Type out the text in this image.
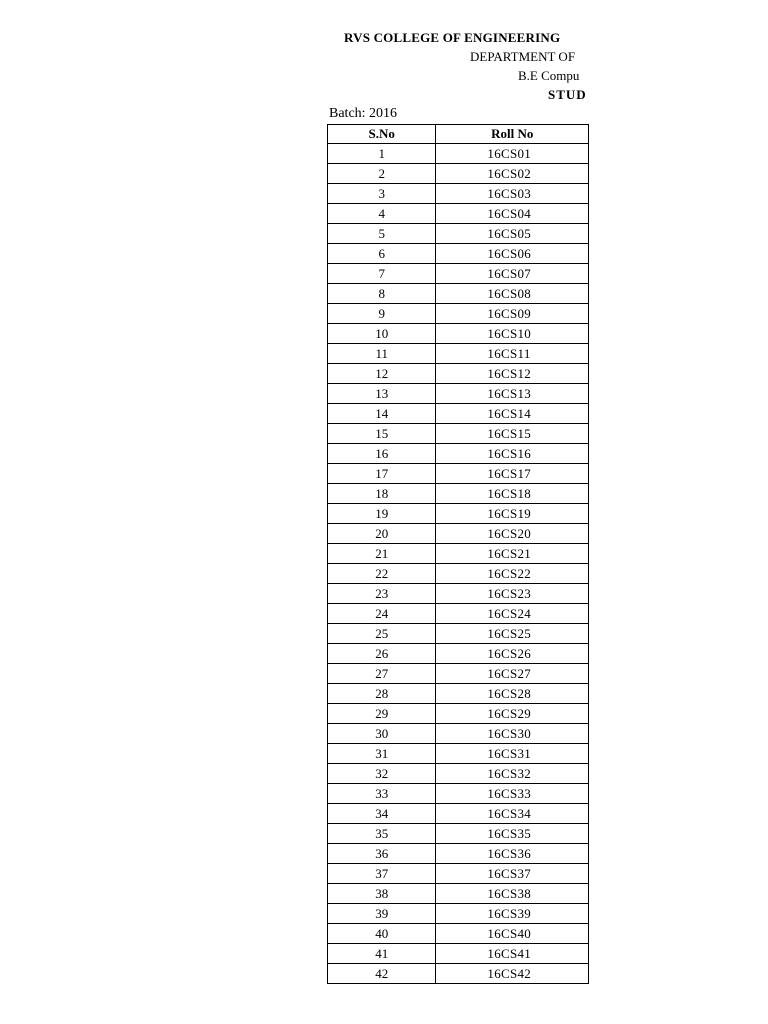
RVS COLLEGE OF ENGINEERING
DEPARTMENT OF
B.E Compu
STUD
Batch: 2016
S.No	Roll No
1	16CS01
2	16CS02
3	16CS03
4	16CS04
5	16CS05
6	16CS06
7	16CS07
8	16CS08
9	16CS09
10	16CS10
11	16CS11
12	16CS12
13	16CS13
14	16CS14
15	16CS15
16	16CS16
17	16CS17
18	16CS18
19	16CS19
20	16CS20
21	16CS21
22	16CS22
23	16CS23
24	16CS24
25	16CS25
26	16CS26
27	16CS27
28	16CS28
29	16CS29
30	16CS30
31	16CS31
32	16CS32
33	16CS33
34	16CS34
35	16CS35
36	16CS36
37	16CS37
38	16CS38
39	16CS39
40	16CS40
41	16CS41
42	16CS42
